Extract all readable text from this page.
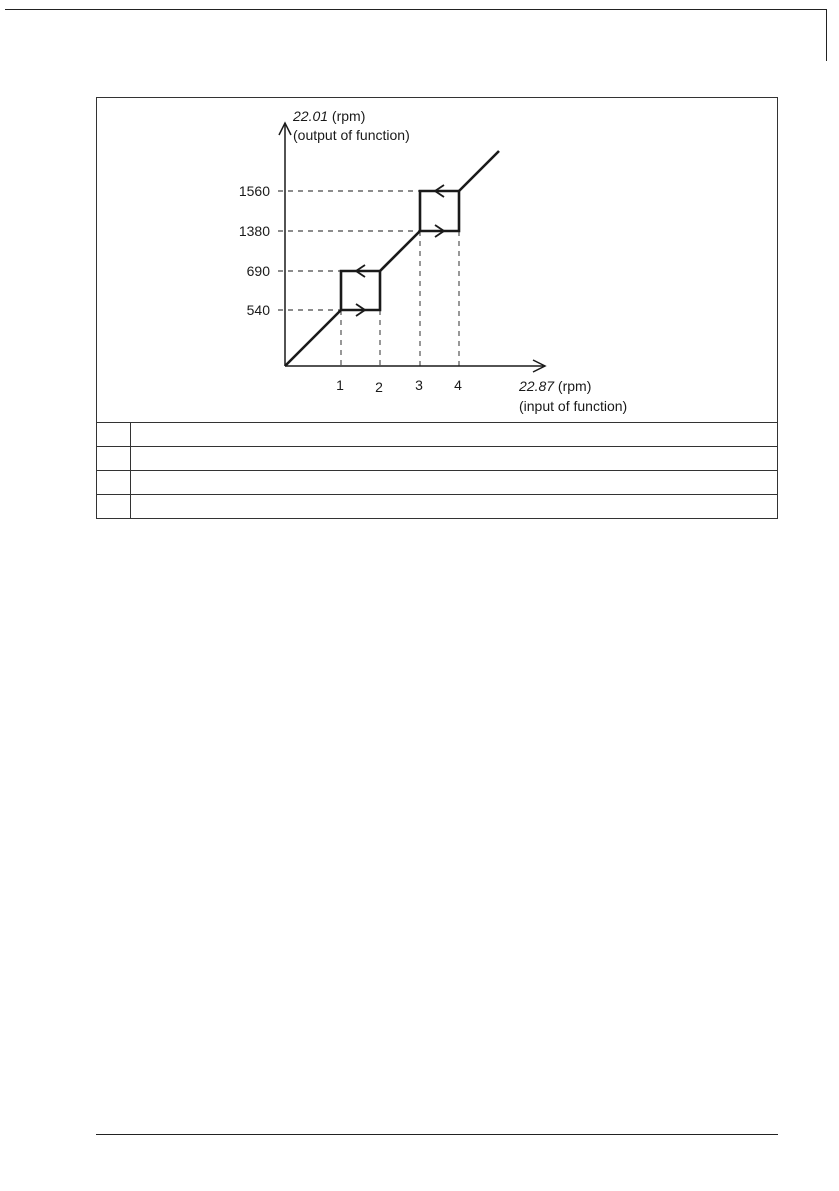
540
690
1380
1560
1 2 3 4
22.01 (rpm)
(output of function)
22.87 (rpm)
(input of function)
